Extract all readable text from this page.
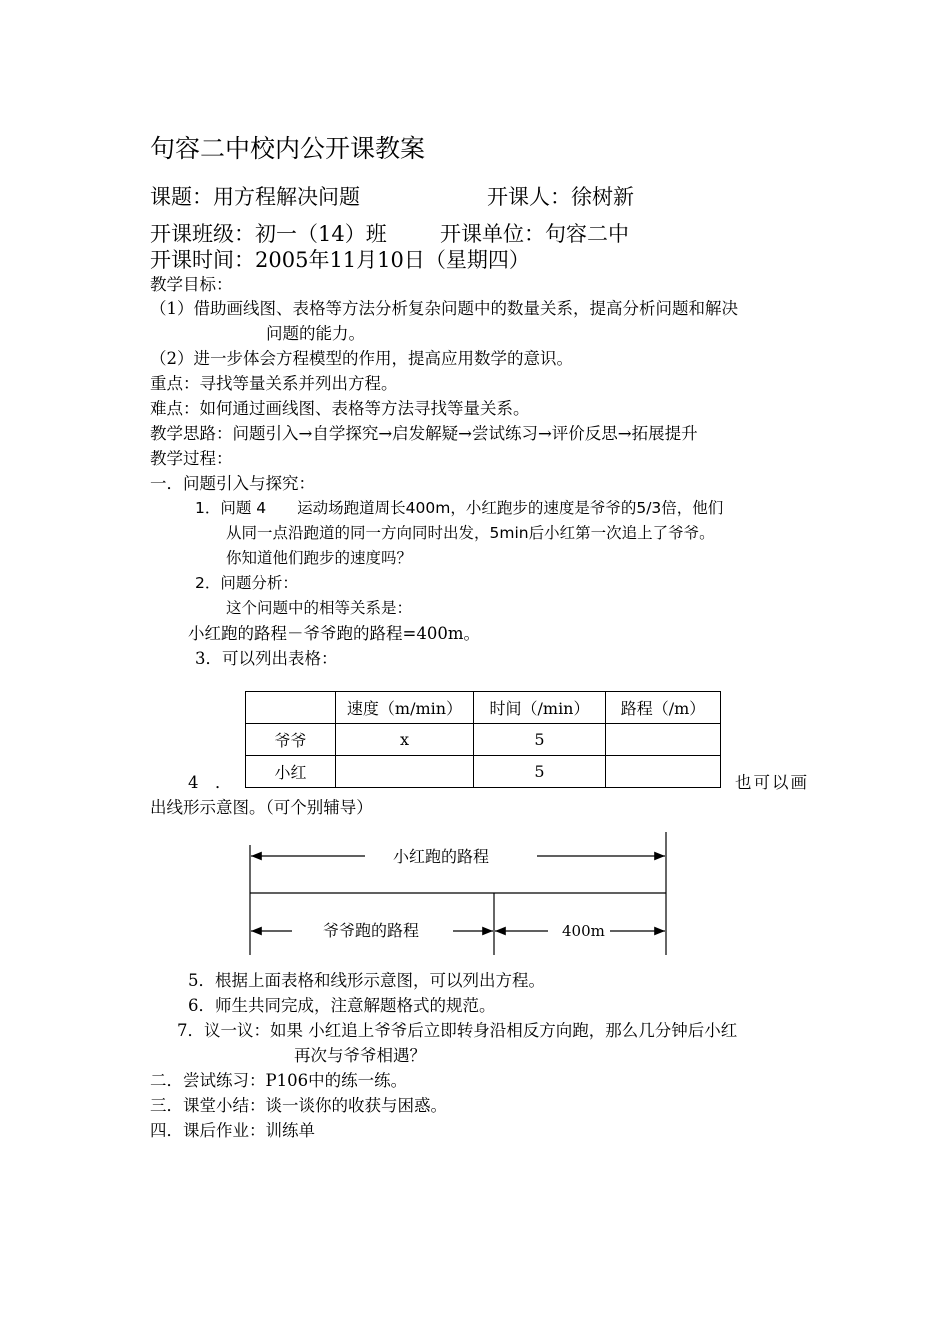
句容二中校内公开课教案
课题：用方程解决问题	开课人：徐树新
开课班级：初一（14）班	开课单位：句容二中
开课时间：2005年11月10日（星期四）
教学目标：
（1）借助画线图、表格等方法分析复杂问题中的数量关系，提高分析问题和解决
问题的能力。
（2）进一步体会方程模型的作用，提高应用数学的意识。
重点：寻找等量关系并列出方程。
难点：如何通过画线图、表格等方法寻找等量关系。
教学思路：问题引入→自学探究→启发解疑→尝试练习→评价反思→拓展提升
教学过程：
一．问题引入与探究：
1．问题 4　　运动场跑道周长400m，小红跑步的速度是爷爷的5/3倍，他们
从同一点沿跑道的同一方向同时出发，5min后小红第一次追上了爷爷。
你知道他们跑步的速度吗？
2．问题分析：
这个问题中的相等关系是：
小红跑的路程－爷爷跑的路程=400m。
3．可以列出表格：
	速度（m/min）	时间（/min）	路程（/m）
爷爷	x	5	
小红		5	
4　．	也可以画
出线形示意图。（可个别辅导）
小红跑的路程
爷爷跑的路程	400m
5．根据上面表格和线形示意图，可以列出方程。
6．师生共同完成，注意解题格式的规范。
7．议一议：如果 小红追上爷爷后立即转身沿相反方向跑，那么几分钟后小红
再次与爷爷相遇？
二．尝试练习：P106中的练一练。
三．课堂小结：谈一谈你的收获与困惑。
四．课后作业：训练单
